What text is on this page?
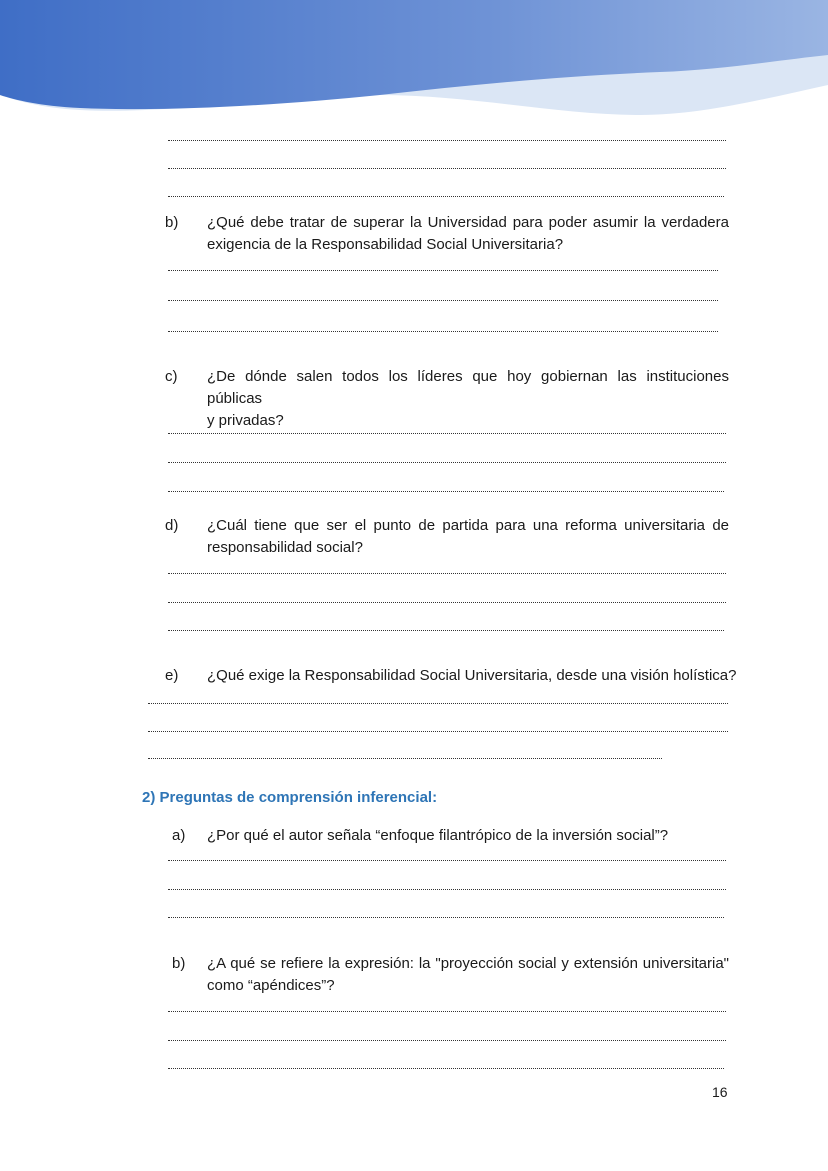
b) ¿Qué debe tratar de superar la Universidad para poder asumir la verdadera
exigencia de la Responsabilidad Social Universitaria?
c) ¿De dónde salen todos los líderes que hoy gobiernan las instituciones públicas
y privadas?
d) ¿Cuál tiene que ser el punto de partida para una reforma universitaria de
responsabilidad social?
e) ¿Qué exige la Responsabilidad Social Universitaria, desde una visión holística?
2) Preguntas de comprensión inferencial:
a) ¿Por qué el autor señala “enfoque filantrópico de la inversión social”?
b) ¿A qué se refiere la expresión: la "proyección social y extensión universitaria"
como “apéndices”?
16
